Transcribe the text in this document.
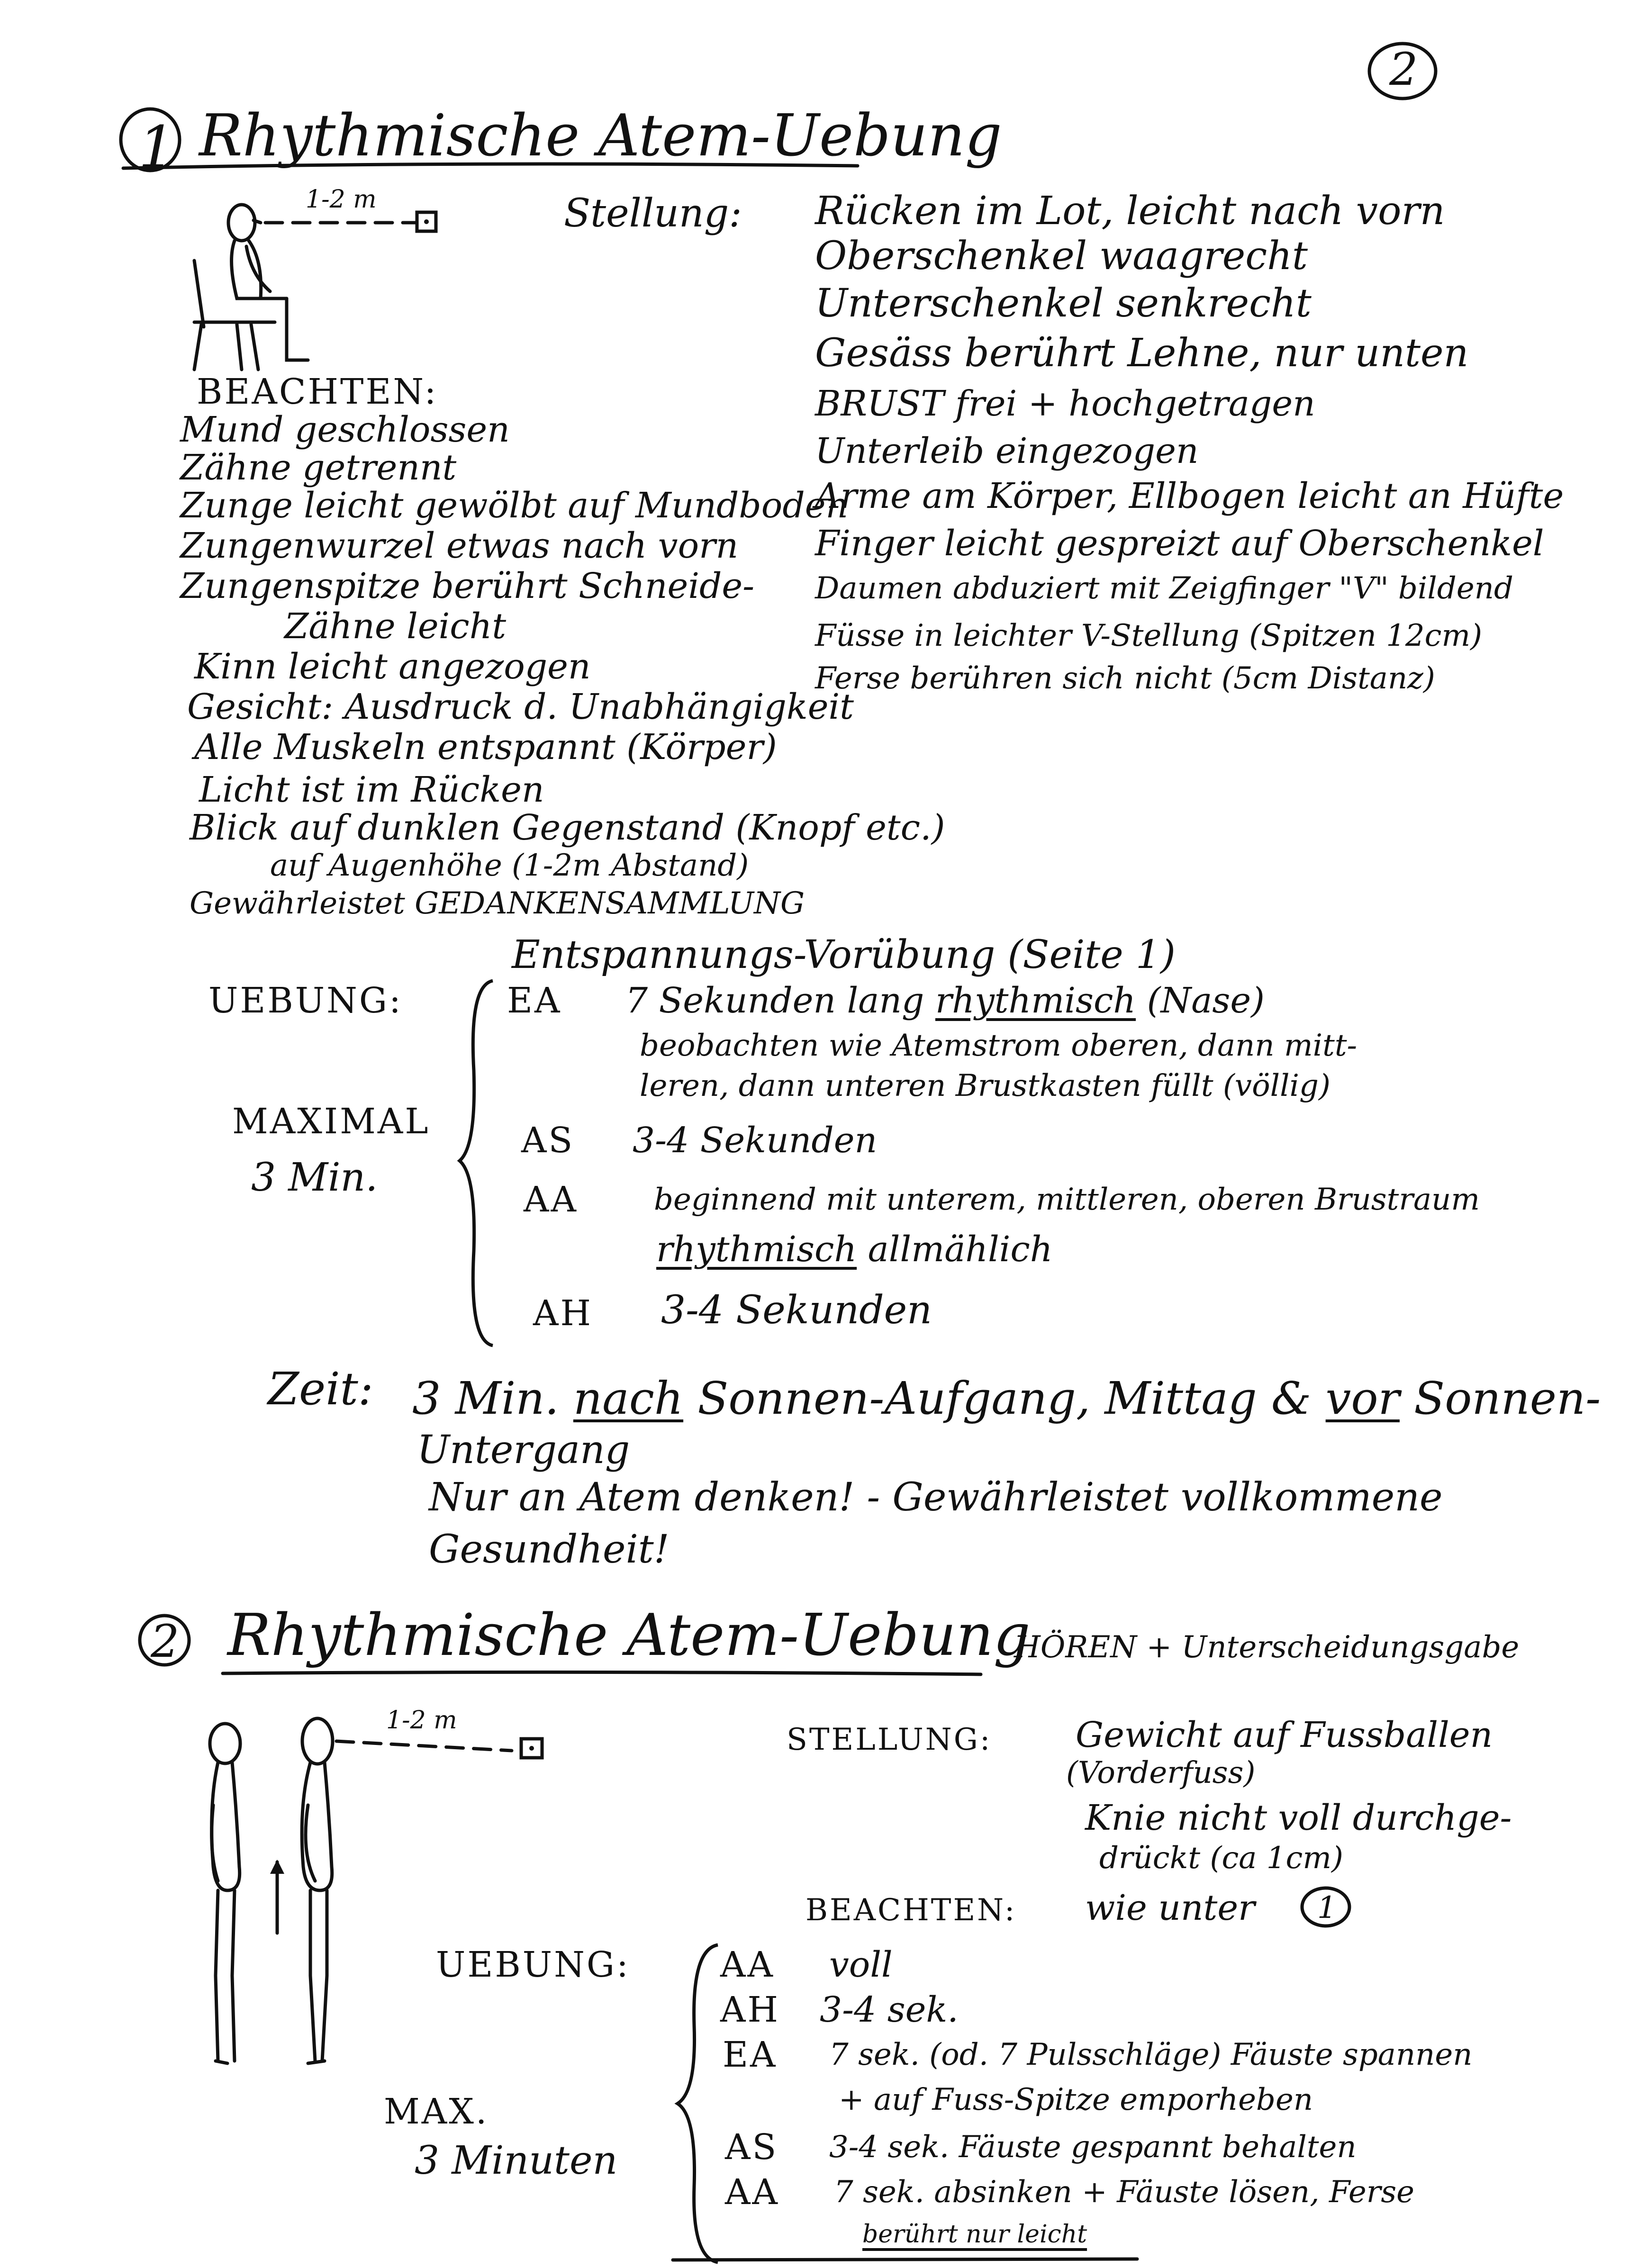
2
1 Rhythmische Atem-Uebung
1-2 m	Stellung: Rücken im Lot, leicht nach vorn
Oberschenkel waagrecht
Unterschenkel senkrecht
Gesäss berührt Lehne, nur unten
BRUST frei + hochgetragen
Unterleib eingezogen
Arme am Körper, Ellbogen leicht an Hüfte
Finger leicht gespreizt auf Oberschenkel
Daumen abduziert mit Zeigfinger "V" bildend
Füsse in leichter V-Stellung (Spitzen 12cm)
Ferse berühren sich nicht (5cm Distanz)
BEACHTEN:
Mund geschlossen
Zähne getrennt
Zunge leicht gewölbt auf Mundboden
Zungenwurzel etwas nach vorn
Zungenspitze berührt Schneide-
Zähne leicht
Kinn leicht angezogen
Gesicht: Ausdruck d. Unabhängigkeit
Alle Muskeln entspannt (Körper)
Licht ist im Rücken
Blick auf dunklen Gegenstand (Knopf etc.)
auf Augenhöhe (1-2m Abstand)
Gewährleistet GEDANKENSAMMLUNG
Entspannungs-Vorübung (Seite 1)
UEBUNG:
MAXIMAL
3 Min.
EA 7 Sekunden lang rhythmisch (Nase)
beobachten wie Atemstrom oberen, dann mitt-
leren, dann unteren Brustkasten füllt (völlig)
AS 3-4 Sekunden
AA	beginnend mit unterem, mittleren, oberen Brustraum
rhythmisch allmählich
AH 3-4 Sekunden
Zeit: 3 Min. nach Sonnen-Aufgang, Mittag & vor Sonnen-
Untergang
Nur an Atem denken! - Gewährleistet vollkommene
Gesundheit!
2 Rhythmische Atem-Uebung
HÖREN + Unterscheidungsgabe
1-2 m
STELLUNG: Gewicht auf Fussballen
(Vorderfuss)
Knie nicht voll durchge-
drückt (ca 1cm)
BEACHTEN: wie unter 1
UEBUNG:
MAX.
3 Minuten
AA voll
AH 3-4 sek.
EA 7 sek. (od. 7 Pulsschläge) Fäuste spannen
+ auf Fuss-Spitze emporheben
AS 3-4 sek. Fäuste gespannt behalten
AA 7 sek. absinken + Fäuste lösen, Ferse
berührt nur leicht
